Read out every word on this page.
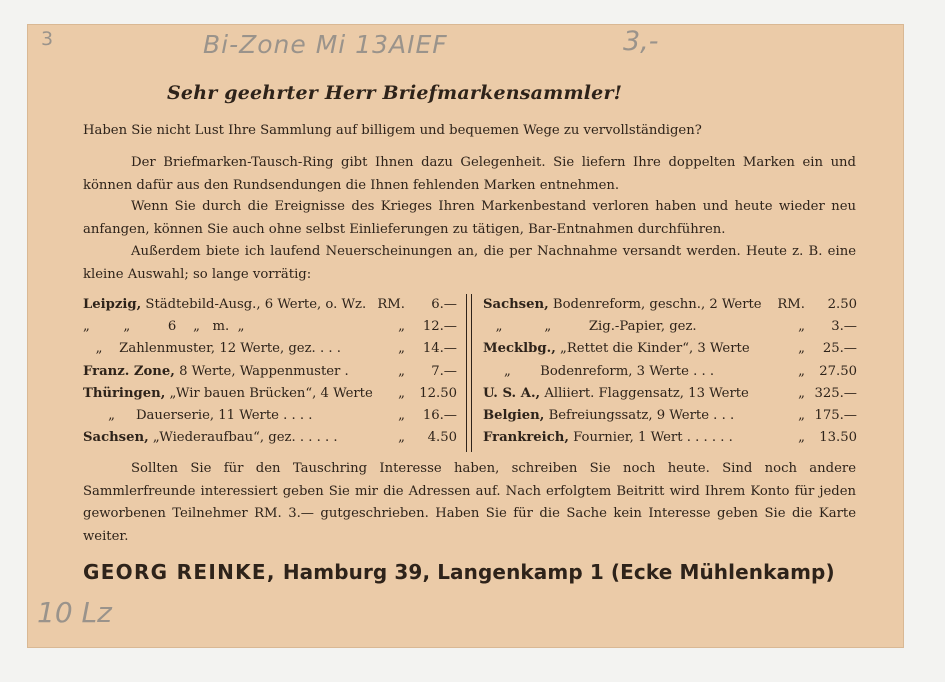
3	Bi-Zone Mi 13AIEF	3,-
10 Lz
Sehr geehrter Herr Briefmarkensammler!
Haben Sie nicht Lust Ihre Sammlung auf billigem und bequemen Wege zu vervollständigen?
Der Briefmarken-Tausch-Ring gibt Ihnen dazu Gelegenheit. Sie liefern Ihre doppelten Marken ein und können dafür aus den Rundsendungen die Ihnen fehlenden Marken entnehmen.
Wenn Sie durch die Ereignisse des Krieges Ihren Markenbestand verloren haben und heute wieder neu anfangen, können Sie auch ohne selbst Einlieferungen zu tätigen, Bar-Entnahmen durchführen.
Außerdem biete ich laufend Neuerscheinungen an, die per Nachnahme versandt werden. Heute z. B. eine kleine Auswahl; so lange vorrätig:
Leipzig, Städtebild-Ausg., 6 Werte, o. Wz. RM. 6.—
„        „         6    „   m.  „	„ 12.—
„    Zahlenmuster, 12 Werte, gez. . . .	„ 14.—
Franz. Zone, 8 Werte, Wappenmuster .	„ 7.—
Thüringen, „Wir bauen Brücken“, 4 Werte „ 12.50
„     Dauerserie, 11 Werte . . . .	„ 16.—
Sachsen, „Wiederaufbau“, gez. . . . . .	„ 4.50
Sachsen, Bodenreform, geschn., 2 Werte RM. 2.50
„          „         Zig.-Papier, gez.	„ 3.—
Mecklbg., „Rettet die Kinder“, 3 Werte	„ 25.—
„       Bodenreform, 3 Werte . . .	„ 27.50
U. S. A., Alliiert. Flaggensatz, 13 Werte	„ 325.—
Belgien, Befreiungssatz, 9 Werte . . .	„ 175.—
Frankreich, Fournier, 1 Wert . . . . . .	„ 13.50
Sollten Sie für den Tauschring Interesse haben, schreiben Sie noch heute. Sind noch andere Sammlerfreunde interessiert geben Sie mir die Adressen auf. Nach erfolgtem Beitritt wird Ihrem Konto für jeden geworbenen Teilnehmer RM. 3.— gutgeschrieben. Haben Sie für die Sache kein Interesse geben Sie die Karte weiter.
GEORG REINKE, Hamburg 39, Langenkamp 1 (Ecke Mühlenkamp)
